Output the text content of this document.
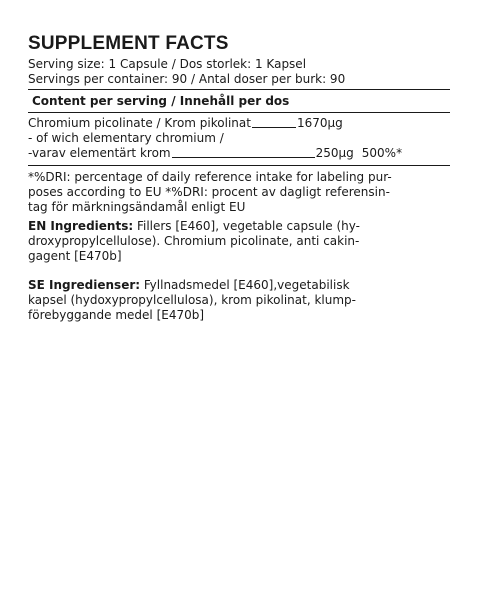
SUPPLEMENT FACTS
Serving size: 1 Capsule / Dos storlek: 1 Kapsel
Servings per container: 90 / Antal doser per burk: 90
Content per serving / Innehåll per dos
Chromium picolinate / Krom pikolinat	1670µg
- of wich elementary chromium /
-varav elementärt krom	250µg 500%*
*%DRI: percentage of daily reference intake for labeling pur-
poses according to EU *%DRI: procent av dagligt referensin-
tag för märkningsändamål enligt EU
EN Ingredients: Fillers [E460], vegetable capsule (hy-
droxypropylcellulose). Chromium picolinate, anti cakin-
gagent [E470b]
SE Ingredienser: Fyllnadsmedel [E460],vegetabilisk
kapsel (hydoxypropylcellulosa), krom pikolinat, klump-
förebyggande medel [E470b]
